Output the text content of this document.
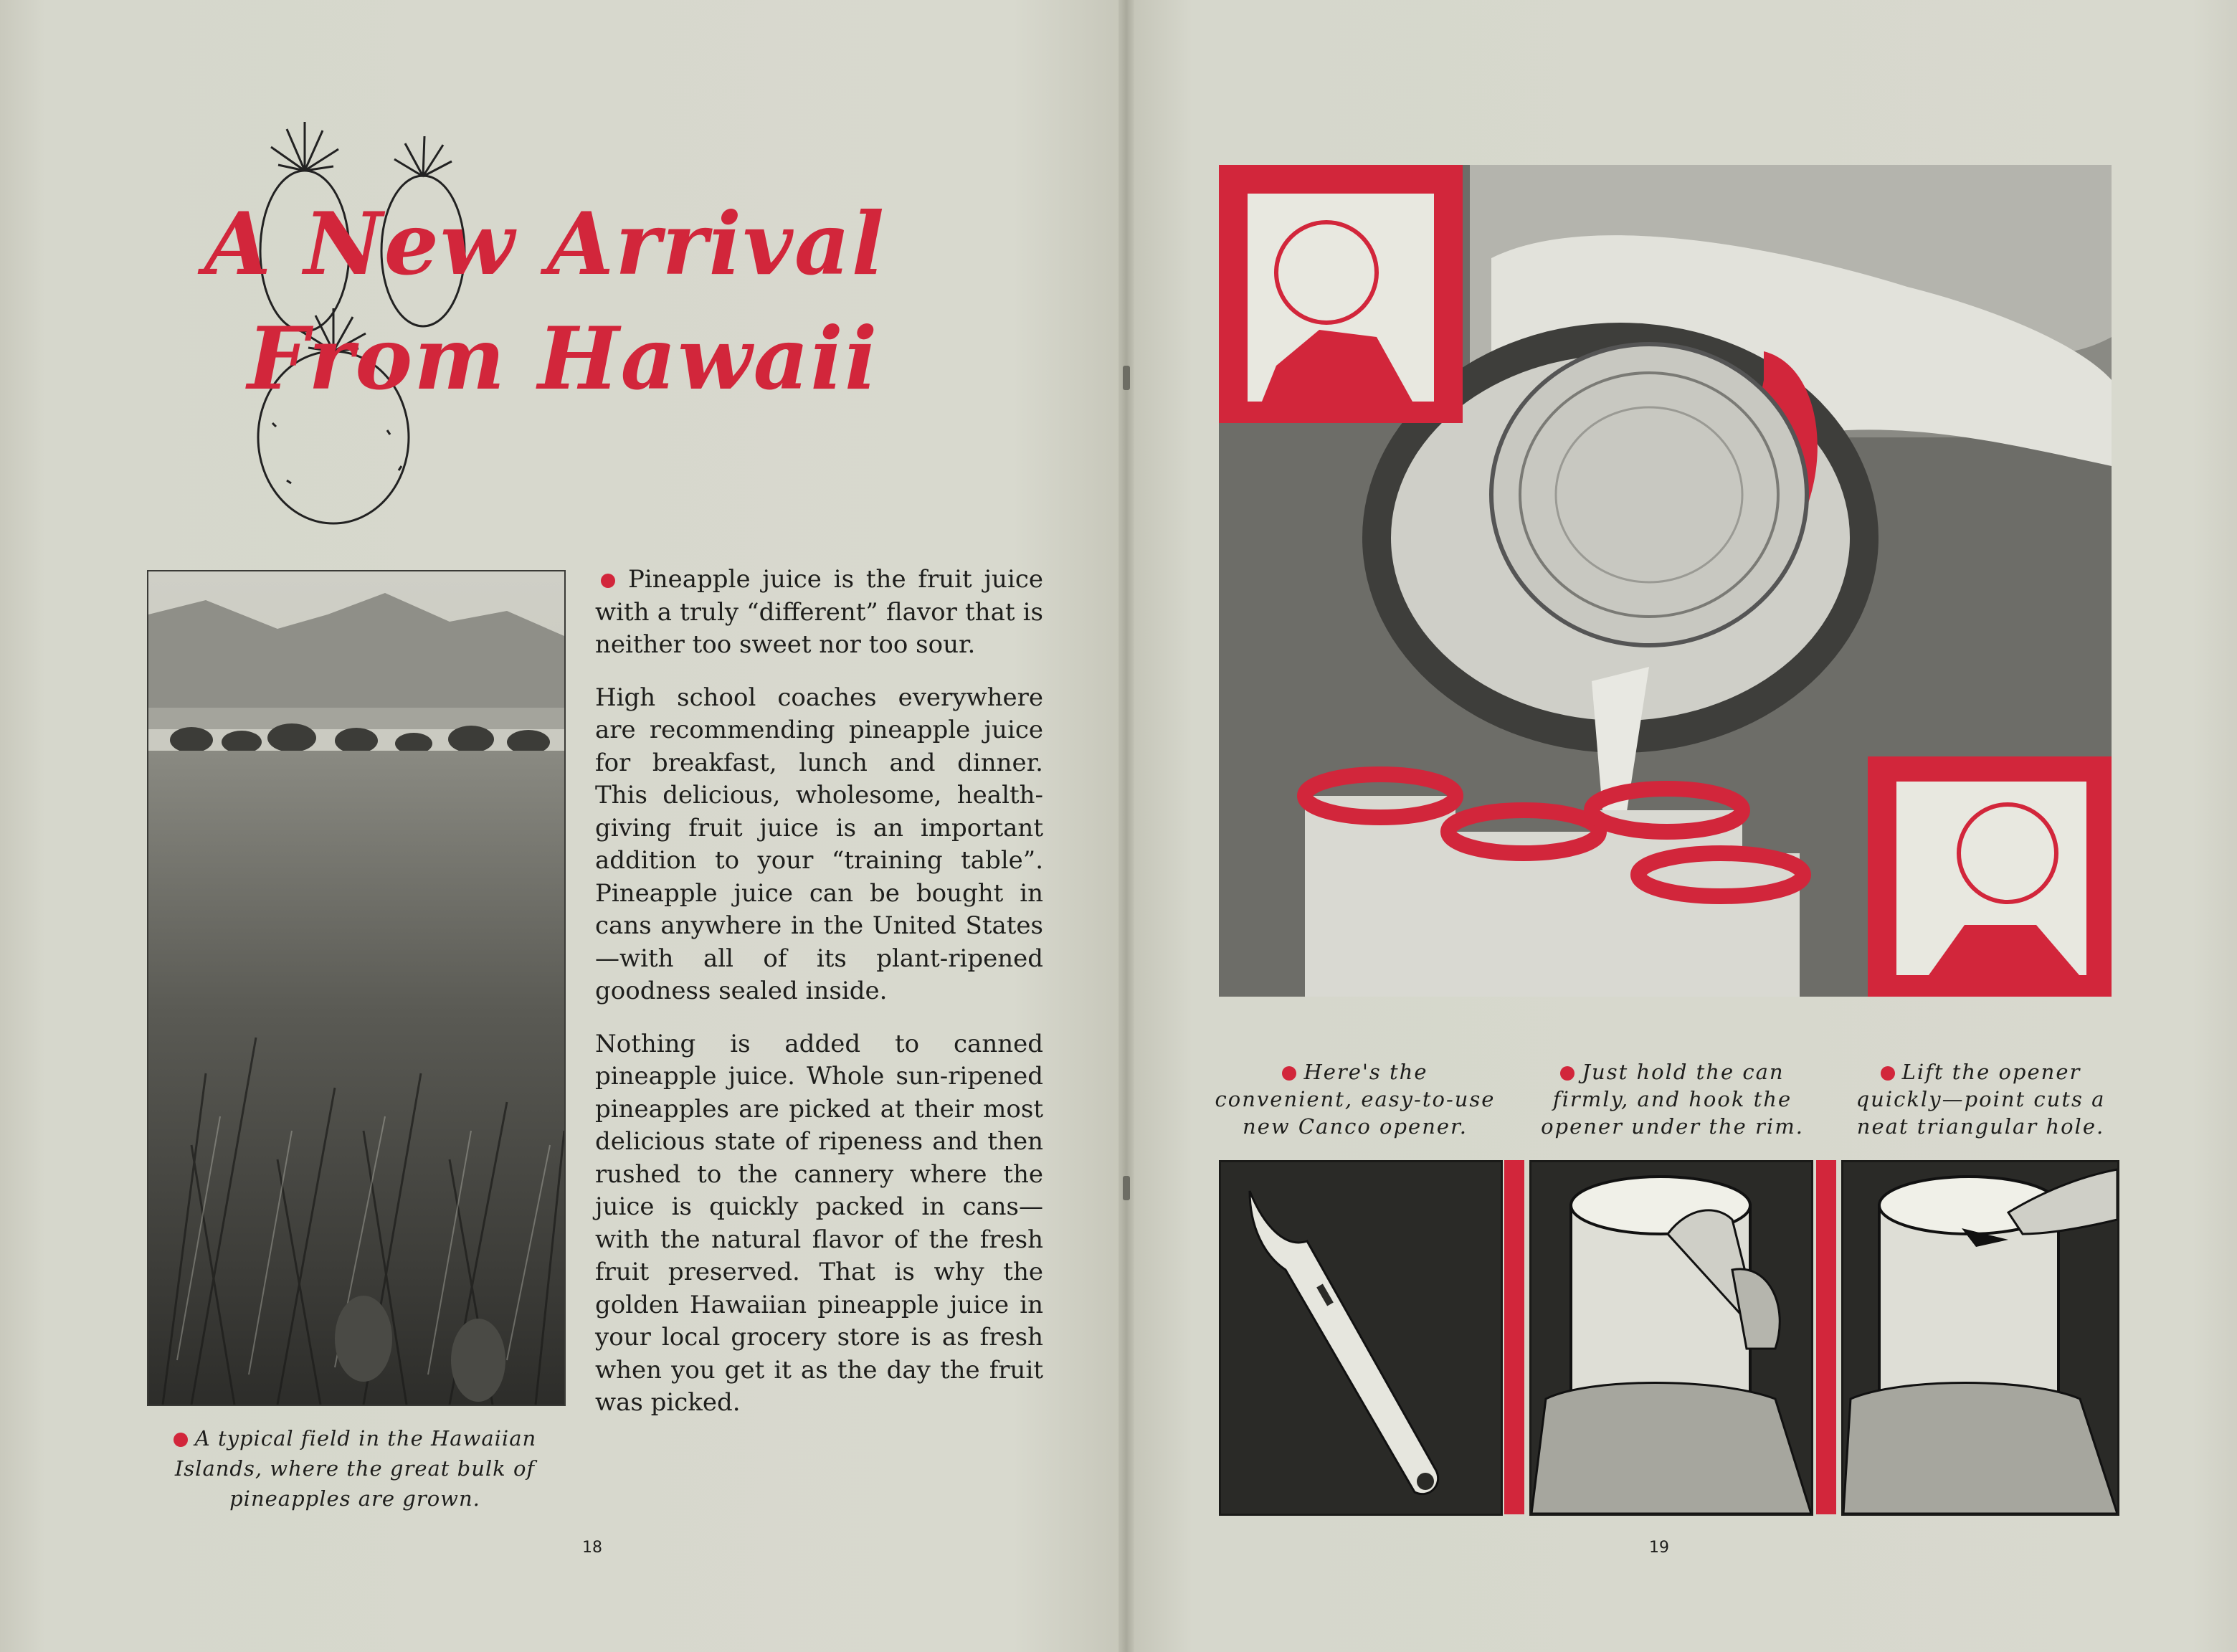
A New Arrival
From Hawaii
A typical field in the Hawaiian Islands, where the great bulk of pineapples are grown.

Pineapple juice is the fruit juice with a truly “different” flavor that is neither too sweet nor too sour.

High school coaches everywhere are recommending pineapple juice for breakfast, lunch and dinner. This delicious, wholesome, health-giving fruit juice is an important addition to your “training table”. Pineapple juice can be bought in cans anywhere in the United States —with all of its plant-ripened goodness sealed inside.

Nothing is added to canned pineapple juice. Whole sun-ripened pineapples are picked at their most delicious state of ripeness and then rushed to the cannery where the juice is quickly packed in cans—with the natural flavor of the fresh fruit preserved. That is why the golden Hawaiian pineapple juice in your local grocery store is as fresh when you get it as the day the fruit was picked.

18
Here's the convenient, easy-to-use new Canco opener.
Just hold the can firmly, and hook the opener under the rim.
Lift the opener quickly—point cuts a neat triangular hole.
19
